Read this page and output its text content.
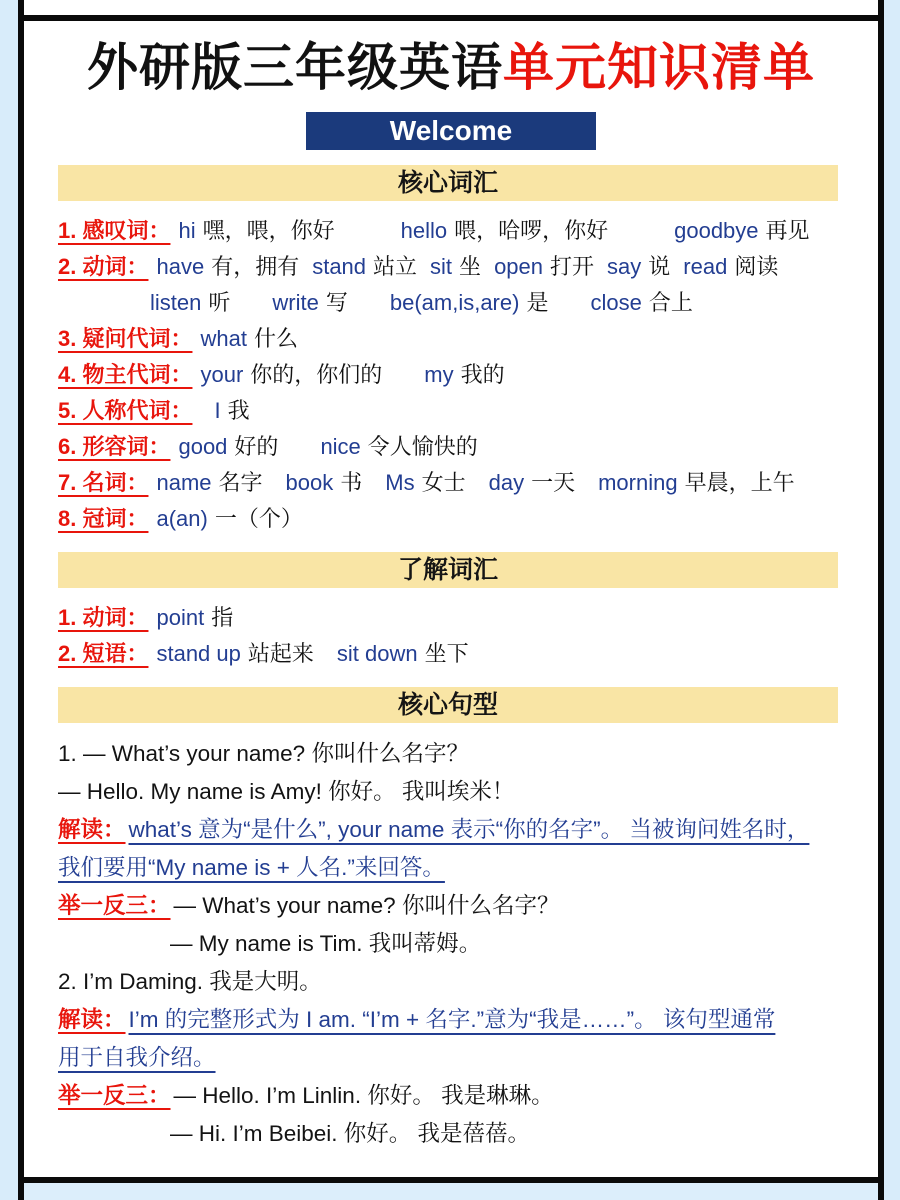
外研版三年级英语单元知识清单
Welcome
核心词汇
1. 感叹词： hi 嘿，喂，你好	hello 喂，哈啰，你好	goodbye 再见
2. 动词： have 有，拥有 stand 站立 sit 坐 open 打开 say 说 read 阅读
listen 听 write 写 be(am,is,are) 是 close 合上
3. 疑问代词： what 什么
4. 物主代词： your 你的，你们的 my 我的
5. 人称代词： I 我
6. 形容词： good 好的 nice 令人愉快的
7. 名词： name 名字 book 书 Ms 女士 day 一天 morning 早晨，上午
8. 冠词： a(an) 一（个）
了解词汇
1. 动词： point 指
2. 短语： stand up 站起来 sit down 坐下
核心句型
1. — What’s your name? 你叫什么名字？
— Hello. My name is Amy! 你好。 我叫埃米！
解读： what’s 意为“是什么”, your name 表示“你的名字”。 当被询问姓名时，
我们要用“My name is + 人名.”来回答。
举一反三： — What’s your name? 你叫什么名字？
— My name is Tim. 我叫蒂姆。
2. I’m Daming. 我是大明。
解读： I’m 的完整形式为 I am. “I’m + 名字.”意为“我是……”。 该句型通常
用于自我介绍。
举一反三： — Hello. I’m Linlin. 你好。 我是琳琳。
— Hi. I’m Beibei. 你好。 我是蓓蓓。
